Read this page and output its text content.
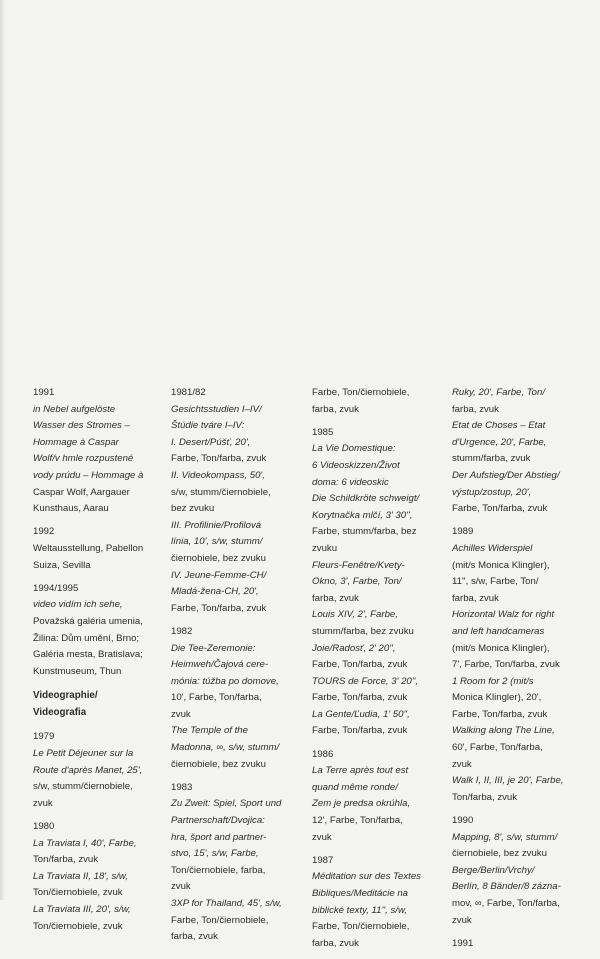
1991
in Nebel aufgelöste
Wasser des Stromes –
Hommage à Caspar
Wolf/v hmle rozpustené
vody prúdu – Hommage à
Caspar Wolf, Aargauer
Kunsthaus, Aarau
1992
Weltausstellung, Pabellon
Suiza, Sevilla
1994/1995
video vidím ich sehe,
Považská galéria umenia,
Žilina: Dům umění, Brno;
Galéria mesta, Bratislava;
Kunstmuseum, Thun
Videographie/
Videografia
1979
Le Petit Déjeuner sur la
Route d'après Manet, 25',
s/w, stumm/čiernobiele,
zvuk
1980
La Traviata I, 40', Farbe,
Ton/farba, zvuk
La Traviata II, 18', s/w,
Ton/čiernobiele, zvuk
La Traviata III, 20', s/w,
Ton/čiernobiele, zvuk
1981/82
Gesichtsstudien I–IV/
Štúdie tváre I–IV:
I. Desert/Púšť, 20',
Farbe, Ton/farba, zvuk
II. Videokompass, 50',
s/w, stumm/čiernobiele,
bez zvuku
III. Profilinie/Profilová
línia, 10', s/w, stumm/
čiernobiele, bez zvuku
IV. Jeune-Femme-CH/
Mladá-žena-CH, 20',
Farbe, Ton/farba, zvuk
1982
Die Tee-Zeremonie:
Heimweh/Čajová cere-
mónia: túžba po domove,
10', Farbe, Ton/farba,
zvuk
The Temple of the
Madonna, ∞, s/w, stumm/
čiernobiele, bez zvuku
1983
Zu Zweit: Spiel, Sport und
Partnerschaft/Dvojica:
hra, šport and partner-
stvo, 15', s/w, Farbe,
Ton/čiernobiele, farba,
zvuk
3XP for Thailand, 45', s/w,
Farbe, Ton/čiernobiele,
farba, zvuk
Farbe, Ton/čiernobiele,
farba, zvuk
1985
La Vie Domestique:
6 Videoskizzen/Život
doma: 6 videoskic
Die Schildkröte schweigt/
Korytnačka mlčí, 3' 30'',
Farbe, stumm/farba, bez
zvuku
Fleurs-Fenêtre/Kvety-
Okno, 3', Farbe, Ton/
farba, zvuk
Louis XIV, 2', Farbe,
stumm/farba, bez zvuku
Joie/Radosť, 2' 20'',
Farbe, Ton/farba, zvuk
TOURS de Force, 3' 20'',
Farbe, Ton/farba, zvuk
La Gente/Ľudia, 1' 50'',
Farbe, Ton/farba, zvuk
1986
La Terre après tout est
quand même ronde/
Zem je predsa okrúhla,
12', Farbe, Ton/farba,
zvuk
1987
Méditation sur des Textes
Bibliques/Meditácie na
biblické texty, 11'', s/w,
Farbe, Ton/čiernobiele,
farba, zvuk
Ruky, 20', Farbe, Ton/
farba, zvuk
Etat de Choses – Etat
d'Urgence, 20', Farbe,
stumm/farba, zvuk
Der Aufstieg/Der Abstieg/
výstup/zostup, 20',
Farbe, Ton/farba, zvuk
1989
Achilles Widerspiel
(mit/s Monica Klingler),
11'', s/w, Farbe, Ton/
farba, zvuk
Horizontal Walz for right
and left handcameras
(mit/s Monica Klingler),
7', Farbe, Ton/farba, zvuk
1 Room for 2 (mit/s
Monica Klingler), 20',
Farbe, Ton/farba, zvuk
Walking along The Line,
60', Farbe, Ton/farba,
zvuk
Walk I, II, III, je 20', Farbe,
Ton/farba, zvuk
1990
Mapping, 8', s/w, stumm/
čiernobiele, bez zvuku
Berge/Berlin/Vrchy/
Berlín, 8 Bänder/8 zázna-
mov, ∞, Farbe, Ton/farba,
zvuk
1991
